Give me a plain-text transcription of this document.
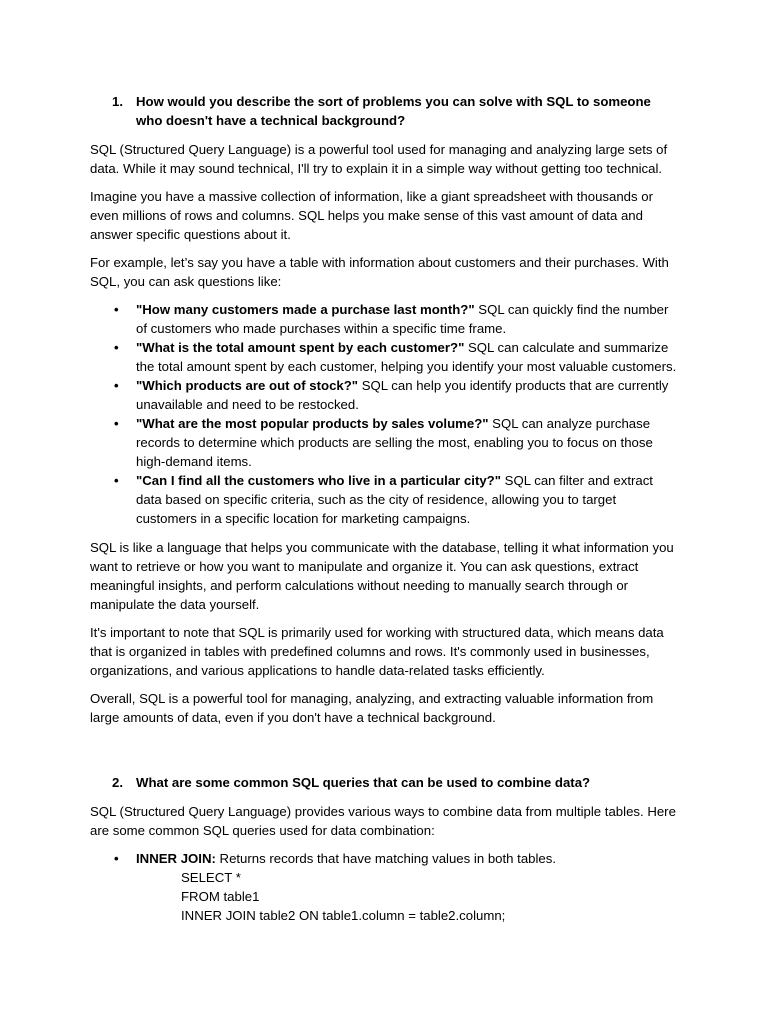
1. How would you describe the sort of problems you can solve with SQL to someone who doesn't have a technical background?

SQL (Structured Query Language) is a powerful tool used for managing and analyzing large sets of data. While it may sound technical, I'll try to explain it in a simple way without getting too technical.

Imagine you have a massive collection of information, like a giant spreadsheet with thousands or even millions of rows and columns. SQL helps you make sense of this vast amount of data and answer specific questions about it.

For example, let’s say you have a table with information about customers and their purchases. With SQL, you can ask questions like:

• "How many customers made a purchase last month?" SQL can quickly find the number of customers who made purchases within a specific time frame.
• "What is the total amount spent by each customer?" SQL can calculate and summarize the total amount spent by each customer, helping you identify your most valuable customers.
• "Which products are out of stock?" SQL can help you identify products that are currently unavailable and need to be restocked.
• "What are the most popular products by sales volume?" SQL can analyze purchase records to determine which products are selling the most, enabling you to focus on those high-demand items.
• "Can I find all the customers who live in a particular city?" SQL can filter and extract data based on specific criteria, such as the city of residence, allowing you to target customers in a specific location for marketing campaigns.

SQL is like a language that helps you communicate with the database, telling it what information you want to retrieve or how you want to manipulate and organize it. You can ask questions, extract meaningful insights, and perform calculations without needing to manually search through or manipulate the data yourself.

It's important to note that SQL is primarily used for working with structured data, which means data that is organized in tables with predefined columns and rows. It's commonly used in businesses, organizations, and various applications to handle data-related tasks efficiently.

Overall, SQL is a powerful tool for managing, analyzing, and extracting valuable information from large amounts of data, even if you don't have a technical background.

2. What are some common SQL queries that can be used to combine data?

SQL (Structured Query Language) provides various ways to combine data from multiple tables. Here are some common SQL queries used for data combination:

• INNER JOIN: Returns records that have matching values in both tables.
SELECT *
FROM table1
INNER JOIN table2 ON table1.column = table2.column;
